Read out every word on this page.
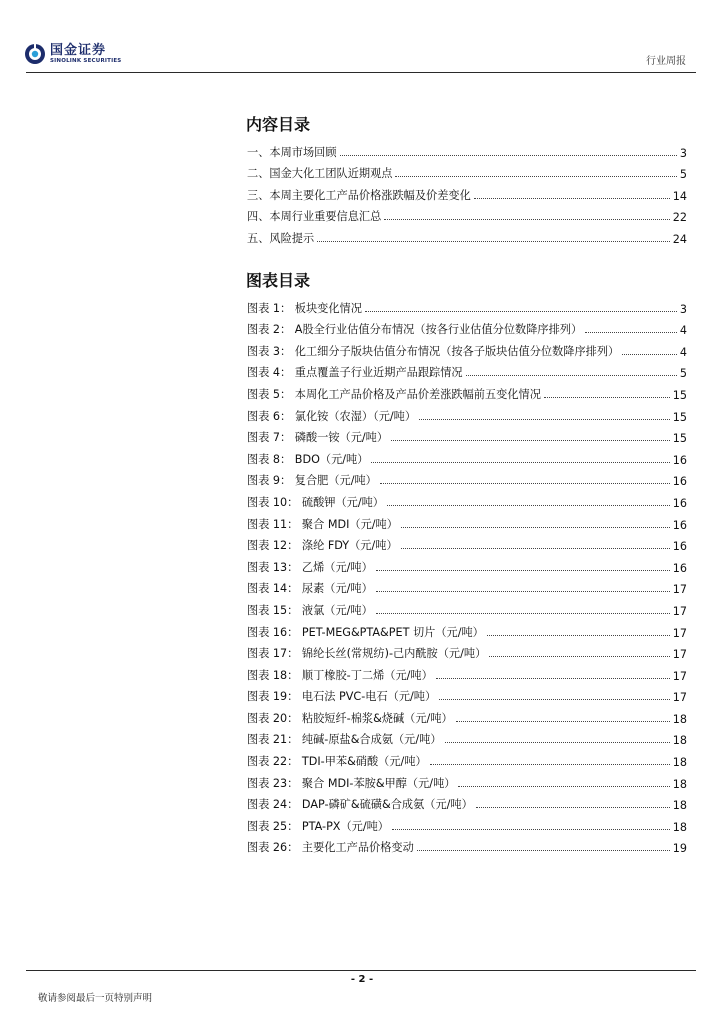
国金证券
SINOLINK SECURITIES	行业周报
内容目录
一、本周市场回顾	3
二、国金大化工团队近期观点	5
三、本周主要化工产品价格涨跌幅及价差变化	14
四、本周行业重要信息汇总	22
五、风险提示	24
图表目录
图表 1： 板块变化情况	3
图表 2： A股全行业估值分布情况（按各行业估值分位数降序排列）	4
图表 3： 化工细分子版块估值分布情况（按各子版块估值分位数降序排列）	4
图表 4： 重点覆盖子行业近期产品跟踪情况	5
图表 5： 本周化工产品价格及产品价差涨跌幅前五变化情况	15
图表 6： 氯化铵（农湿）（元/吨）	15
图表 7： 磷酸一铵（元/吨）	15
图表 8： BDO（元/吨）	16
图表 9： 复合肥（元/吨）	16
图表 10： 硫酸钾（元/吨）	16
图表 11： 聚合 MDI（元/吨）	16
图表 12： 涤纶 FDY（元/吨）	16
图表 13： 乙烯（元/吨）	16
图表 14： 尿素（元/吨）	17
图表 15： 液氯（元/吨）	17
图表 16： PET-MEG&PTA&PET 切片（元/吨）	17
图表 17： 锦纶长丝(常规纺)-己内酰胺（元/吨）	17
图表 18： 顺丁橡胶-丁二烯（元/吨）	17
图表 19： 电石法 PVC-电石（元/吨）	17
图表 20： 粘胶短纤-棉浆&烧碱（元/吨）	18
图表 21： 纯碱-原盐&合成氨（元/吨）	18
图表 22： TDI-甲苯&硝酸（元/吨）	18
图表 23： 聚合 MDI-苯胺&甲醇（元/吨）	18
图表 24： DAP-磷矿&硫磺&合成氨（元/吨）	18
图表 25： PTA-PX（元/吨）	18
图表 26： 主要化工产品价格变动	19
- 2 -
敬请参阅最后一页特别声明
